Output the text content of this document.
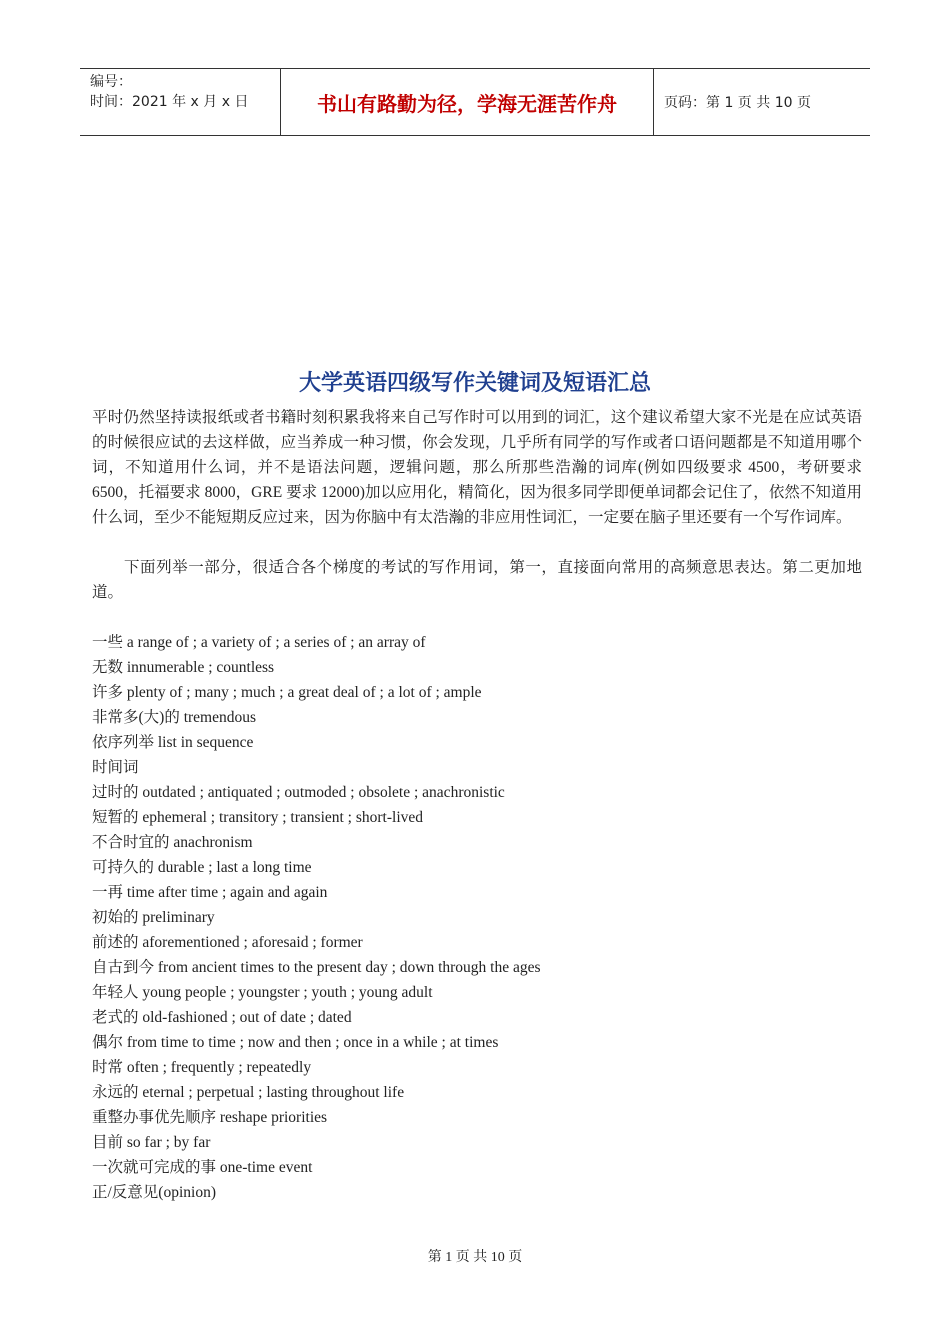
编号：
时间：2021 年 x 月 x 日	书山有路勤为径，学海无涯苦作舟	页码：第 1 页 共 10 页
大学英语四级写作关键词及短语汇总

平时仍然坚持读报纸或者书籍时刻积累我将来自己写作时可以用到的词汇，这个建议希望大家不光是在应试英语的时候很应试的去这样做，应当养成一种习惯，你会发现，几乎所有同学的写作或者口语问题都是不知道用哪个词，不知道用什么词，并不是语法问题，逻辑问题，那么所那些浩瀚的词库(例如四级要求 4500，考研要求 6500，托福要求 8000，GRE 要求 12000)加以应用化，精简化，因为很多同学即便单词都会记住了，依然不知道用什么词，至少不能短期反应过来，因为你脑中有太浩瀚的非应用性词汇，一定要在脑子里还要有一个写作词库。

下面列举一部分，很适合各个梯度的考试的写作用词，第一，直接面向常用的高频意思表达。第二更加地道。

一些 a range of ; a variety of ; a series of ; an array of
无数 innumerable ; countless
许多 plenty of ; many ; much ; a great deal of ; a lot of ; ample
非常多(大)的 tremendous
依序列举 list in sequence
时间词
过时的 outdated ; antiquated ; outmoded ; obsolete ; anachronistic
短暂的 ephemeral ; transitory ; transient ; short-lived
不合时宜的 anachronism
可持久的 durable ; last a long time
一再 time after time ; again and again
初始的 preliminary
前述的 aforementioned ; aforesaid ; former
自古到今 from ancient times to the present day ; down through the ages
年轻人 young people ; youngster ; youth ; young adult
老式的 old-fashioned ; out of date ; dated
偶尔 from time to time ; now and then ; once in a while ; at times
时常 often ; frequently ; repeatedly
永远的 eternal ; perpetual ; lasting throughout life
重整办事优先顺序 reshape priorities
目前 so far ; by far
一次就可完成的事 one-time event
正/反意见(opinion)
第 1 页 共 10 页
